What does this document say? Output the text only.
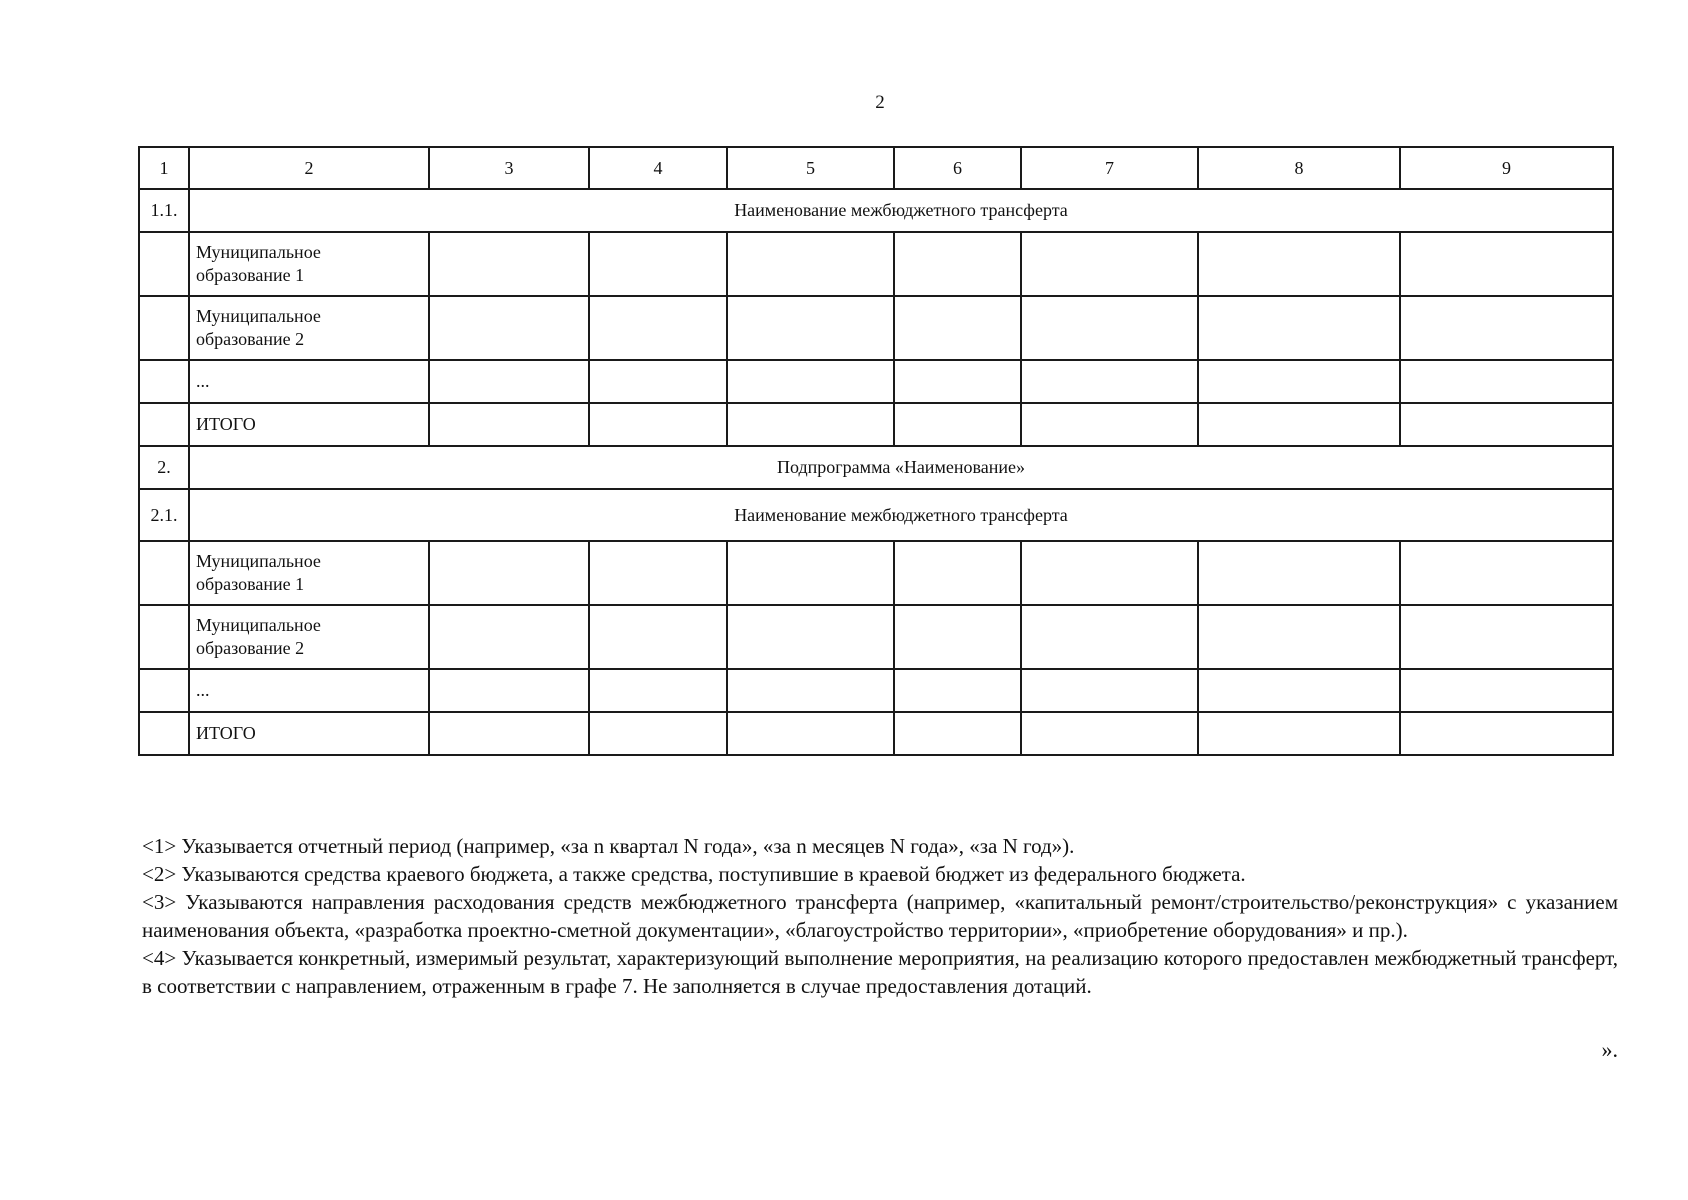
2
1	2	3	4	5	6	7	8	9
1.1.	Наименование межбюджетного трансферта							
	Муниципальное
образование 1							
	Муниципальное
образование 2							
	...							
	ИТОГО							
2.	Подпрограмма «Наименование»							
2.1.	Наименование межбюджетного трансферта							
	Муниципальное
образование 1							
	Муниципальное
образование 2							
	...							
	ИТОГО							

<1> Указывается отчетный период (например, «за n квартал N года», «за n месяцев N года», «за N год»).

<2> Указываются средства краевого бюджета, а также средства, поступившие в краевой бюджет из федерального бюджета.

<3> Указываются направления расходования средств межбюджетного трансферта (например, «капитальный ремонт/строительство/реконструкция» с указанием наименования объекта, «разработка проектно-сметной документации», «благоустройство территории», «приобретение оборудования» и пр.).

<4> Указывается конкретный, измеримый результат, характеризующий выполнение мероприятия, на реализацию которого предоставлен межбюджетный трансферт, в соответствии с направлением, отраженным в графе 7. Не заполняется в случае предоставления дотаций.

».
